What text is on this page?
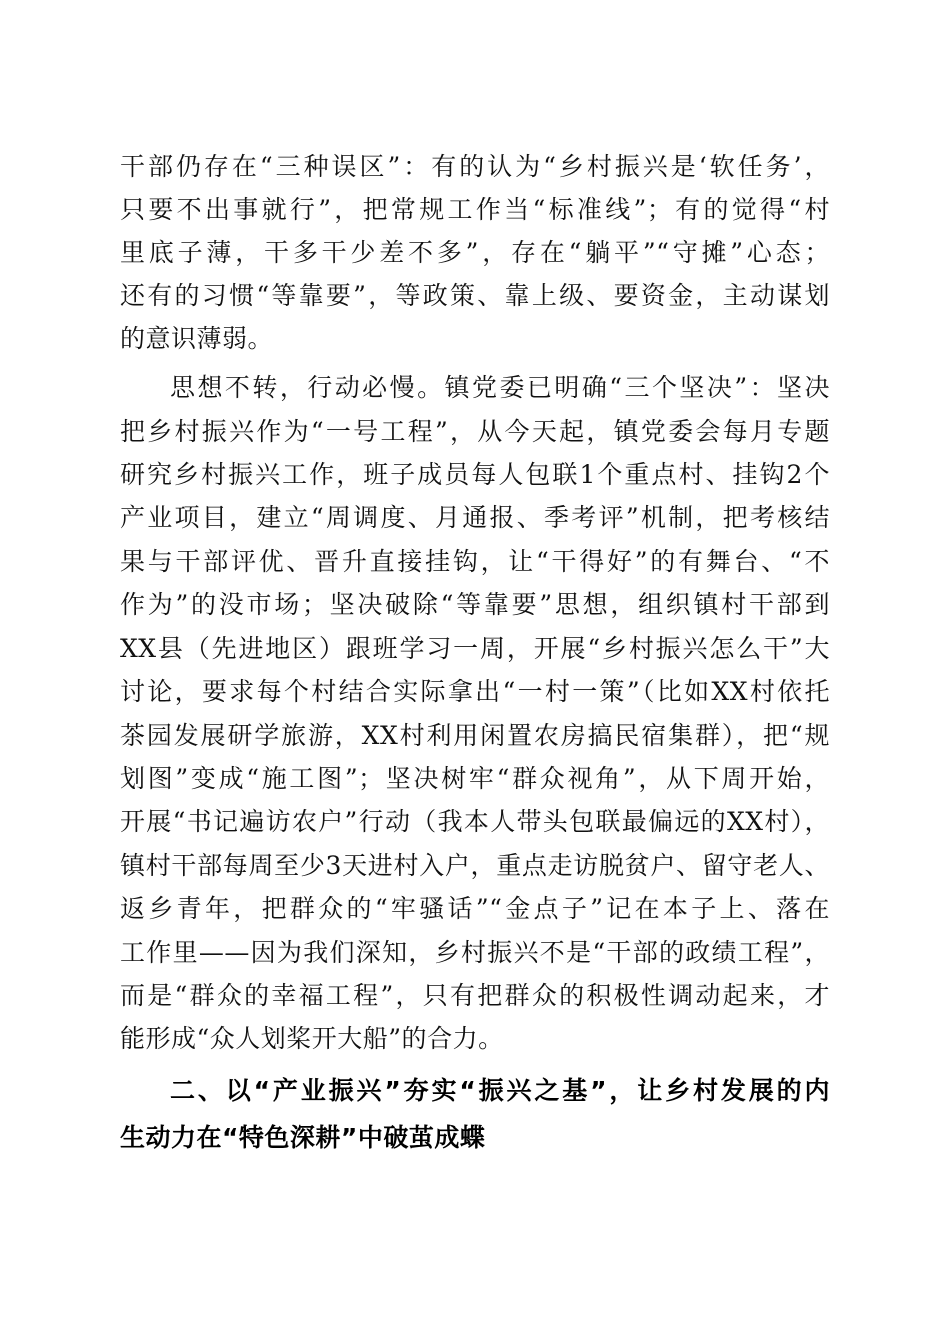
干部仍存在“三种误区”：有的认为“乡村振兴是‘软任务’，
只要不出事就行”，把常规工作当“标准线”；有的觉得“村
里底子薄，干多干少差不多”，存在“躺平”“守摊”心态；
还有的习惯“等靠要”，等政策、靠上级、要资金，主动谋划
的意识薄弱。
思想不转，行动必慢。镇党委已明确“三个坚决”：坚决
把乡村振兴作为“一号工程”，从今天起，镇党委会每月专题
研究乡村振兴工作，班子成员每人包联1个重点村、挂钩2个
产业项目，建立“周调度、月通报、季考评”机制，把考核结
果与干部评优、晋升直接挂钩，让“干得好”的有舞台、“不
作为”的没市场；坚决破除“等靠要”思想，组织镇村干部到
XX县（先进地区）跟班学习一周，开展“乡村振兴怎么干”大
讨论，要求每个村结合实际拿出“一村一策”（比如XX村依托
茶园发展研学旅游，XX村利用闲置农房搞民宿集群），把“规
划图”变成“施工图”；坚决树牢“群众视角”，从下周开始，
开展“书记遍访农户”行动（我本人带头包联最偏远的XX村），
镇村干部每周至少3天进村入户，重点走访脱贫户、留守老人、
返乡青年，把群众的“牢骚话”“金点子”记在本子上、落在
工作里——因为我们深知，乡村振兴不是“干部的政绩工程”，
而是“群众的幸福工程”，只有把群众的积极性调动起来，才
能形成“众人划桨开大船”的合力。
二、以“产业振兴”夯实“振兴之基”，让乡村发展的内
生动力在“特色深耕”中破茧成蝶
